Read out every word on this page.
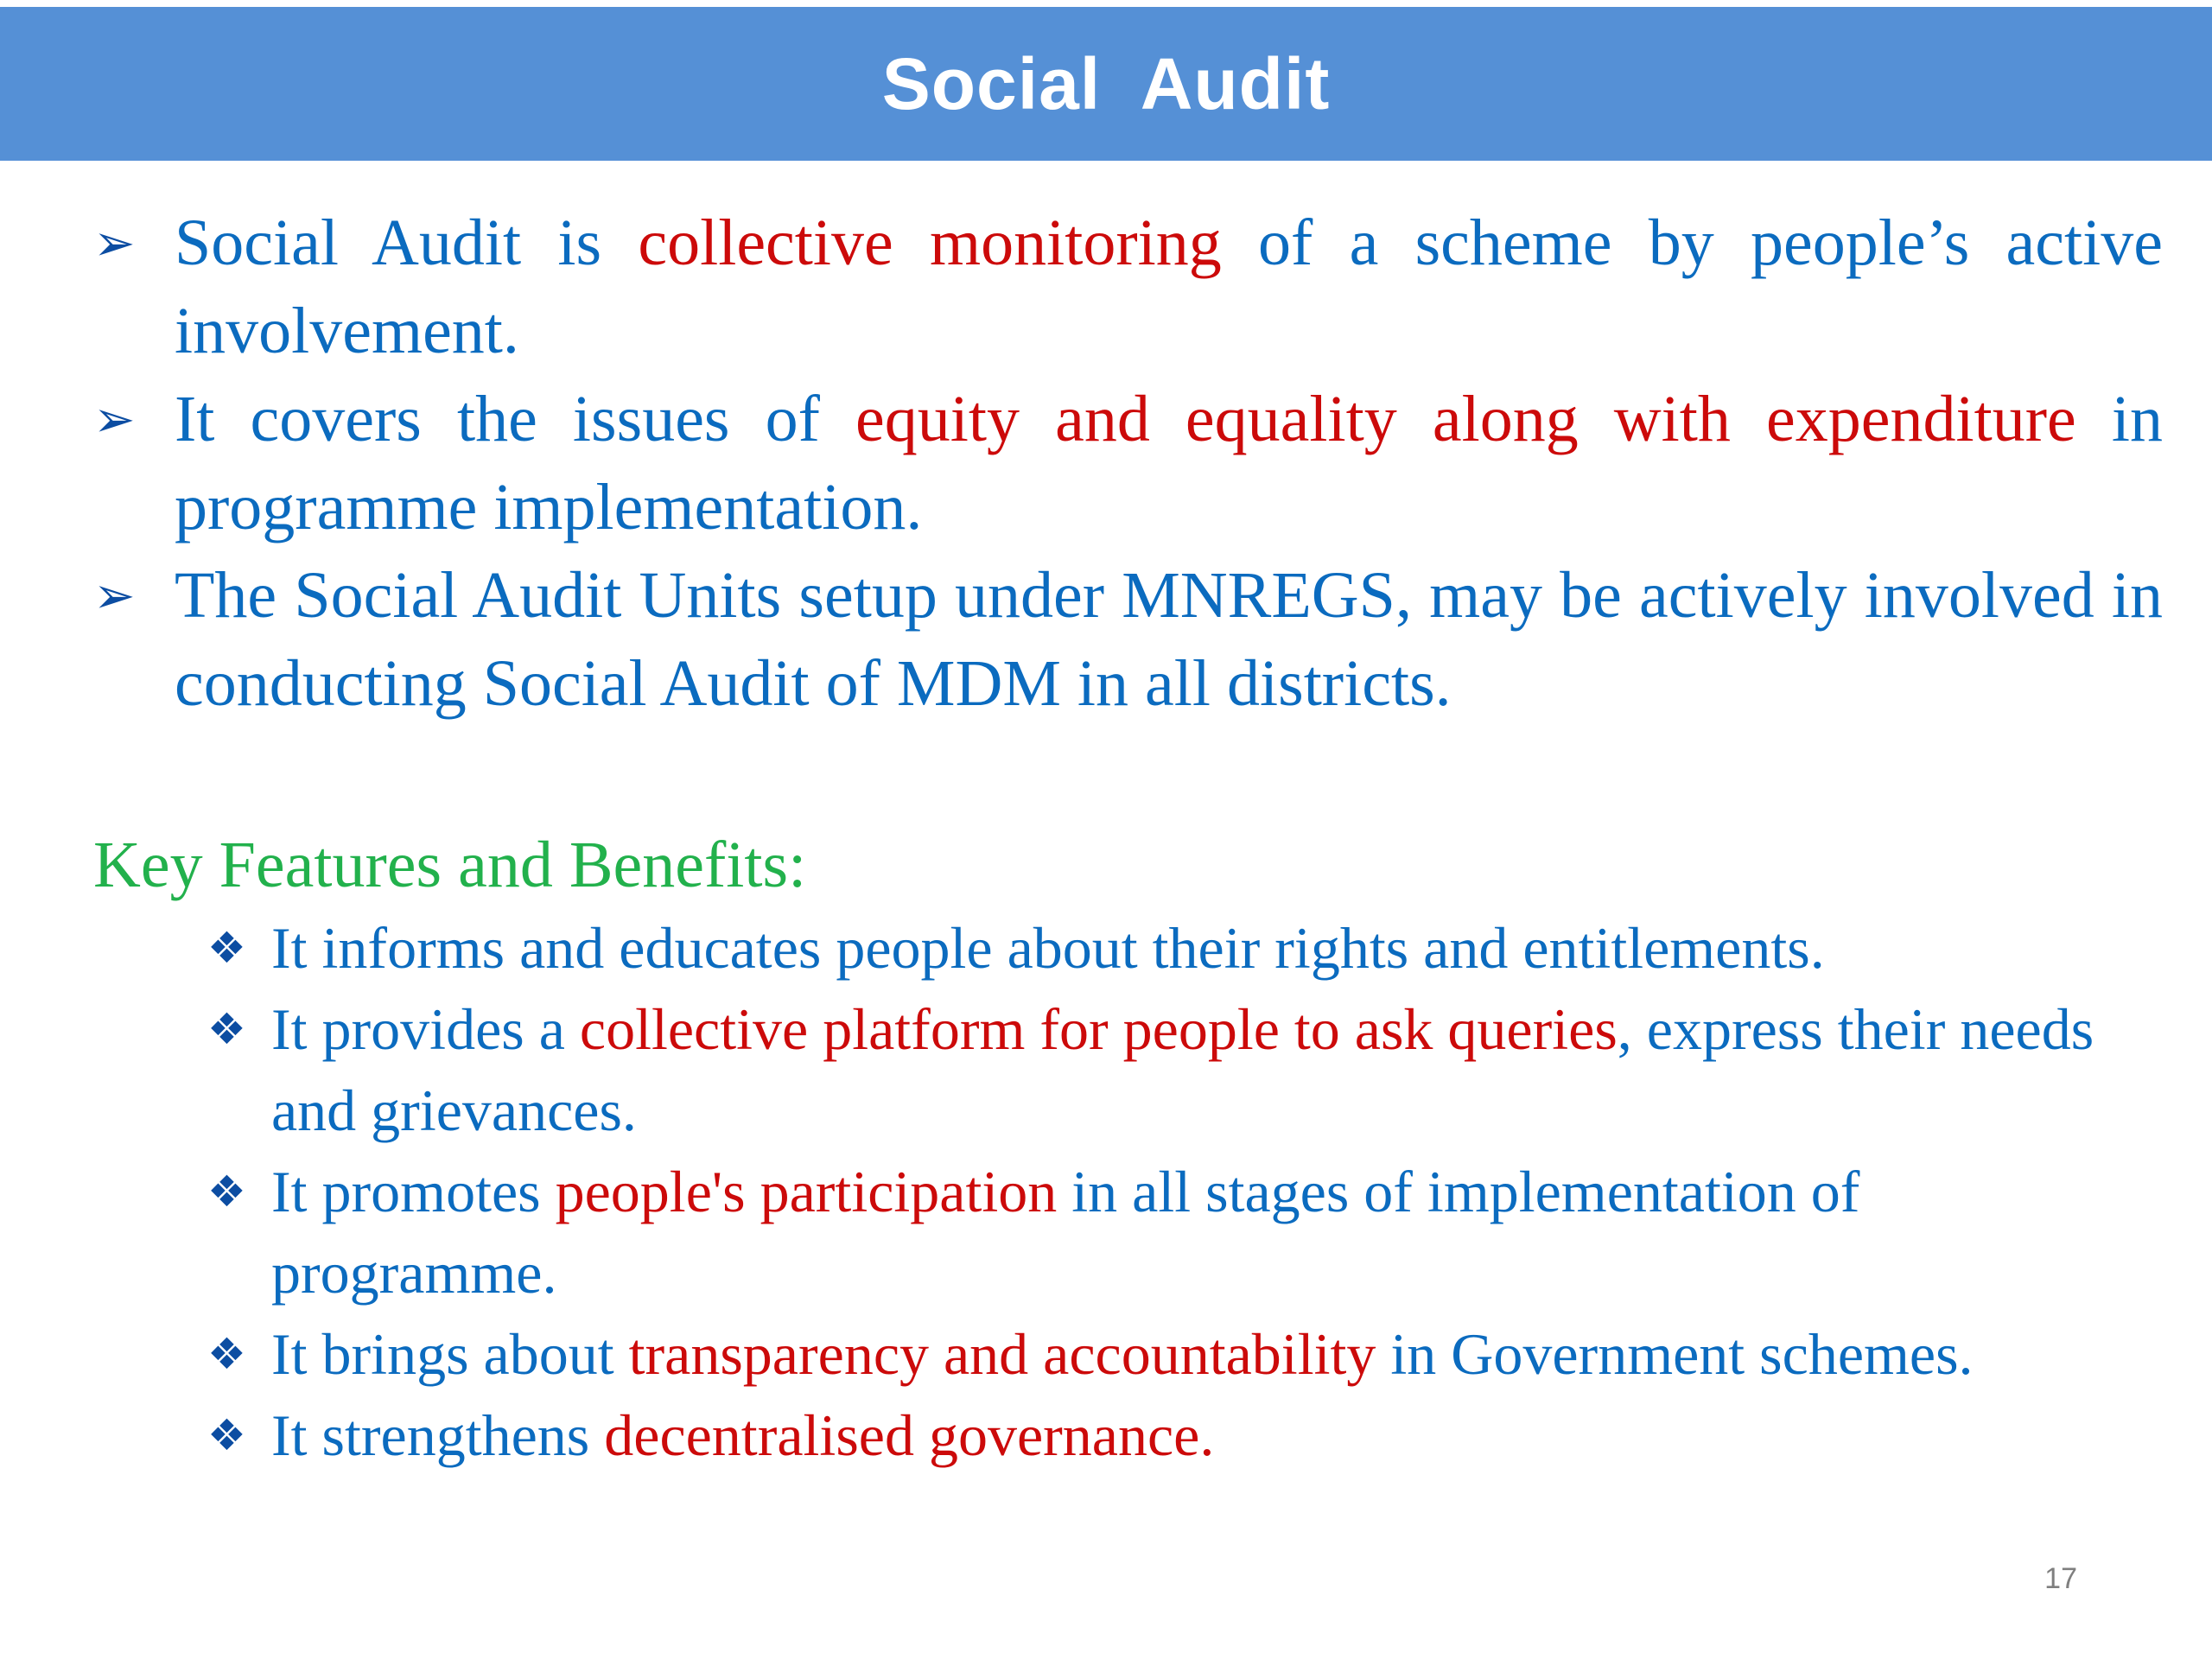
Social  Audit
➢ Social Audit is collective monitoring of a scheme by people’s active involvement.
➢ It covers the issues of equity and equality along with expenditure in programme implementation.
➢ The Social Audit Units setup under MNREGS, may be actively involved in conducting Social Audit of MDM in all districts.
Key Features and Benefits:
❖ It informs and educates people about their rights and entitlements.
❖ It provides a collective platform for people to ask queries, express their needs and grievances.
❖ It promotes people's participation in all stages of implementation of programme.
❖ It brings about transparency and accountability in Government schemes.
❖ It strengthens decentralised governance.
17
